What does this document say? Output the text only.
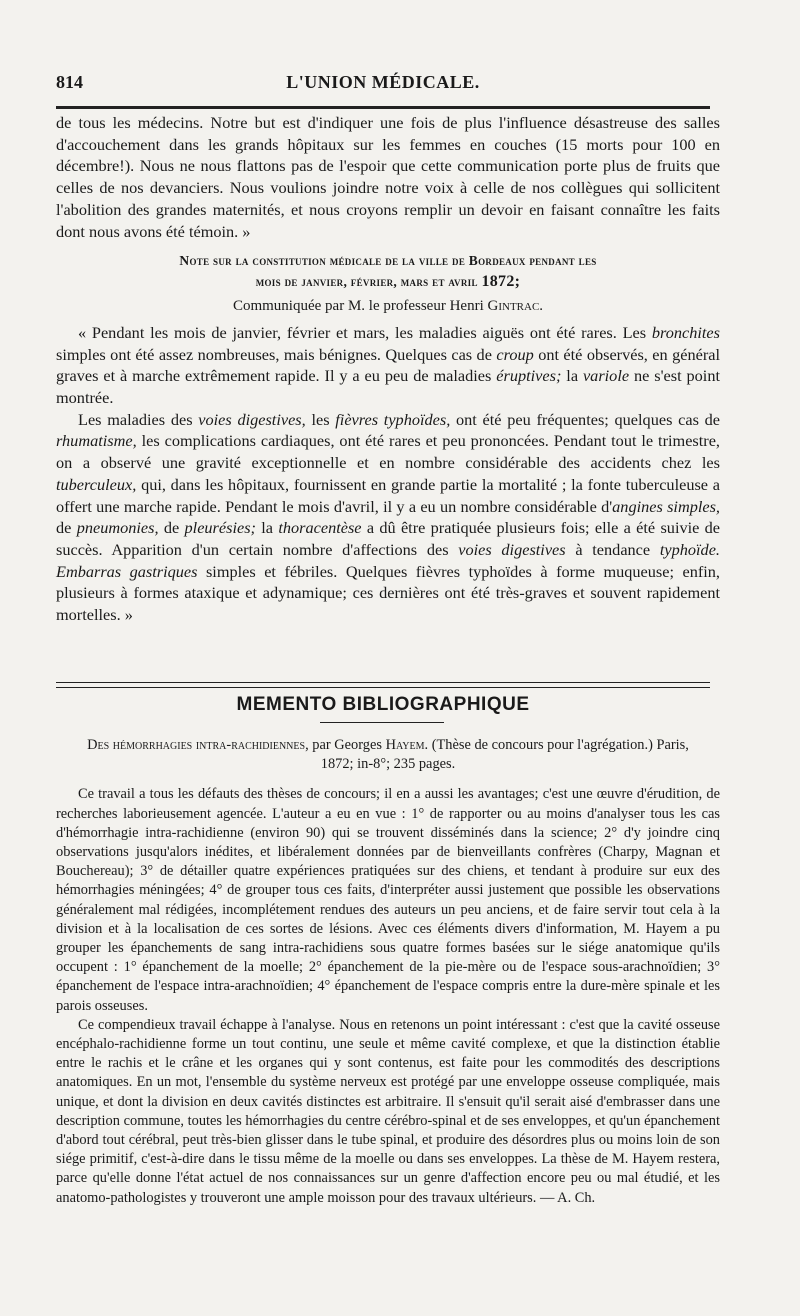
814	L'UNION MÉDICALE.

de tous les médecins. Notre but est d'indiquer une fois de plus l'influence désastreuse des salles d'accouchement dans les grands hôpitaux sur les femmes en couches (15 morts pour 100 en décembre!). Nous ne nous flattons pas de l'espoir que cette communication porte plus de fruits que celles de nos devanciers. Nous voulions joindre notre voix à celle de nos collègues qui sollicitent l'abolition des grandes maternités, et nous croyons remplir un devoir en faisant connaître les faits dont nous avons été témoin. »

Note sur la constitution médicale de la ville de Bordeaux pendant les
mois de janvier, février, mars et avril 1872;

Communiquée par M. le professeur Henri Gintrac.

« Pendant les mois de janvier, février et mars, les maladies aiguës ont été rares. Les bronchites simples ont été assez nombreuses, mais bénignes. Quelques cas de croup ont été observés, en général graves et à marche extrêmement rapide. Il y a eu peu de maladies éruptives; la variole ne s'est point montrée.

Les maladies des voies digestives, les fièvres typhoïdes, ont été peu fréquentes; quelques cas de rhumatisme, les complications cardiaques, ont été rares et peu prononcées. Pendant tout le trimestre, on a observé une gravité exceptionnelle et en nombre considérable des accidents chez les tuberculeux, qui, dans les hôpitaux, fournissent en grande partie la mortalité ; la fonte tuberculeuse a offert une marche rapide. Pendant le mois d'avril, il y a eu un nombre considérable d'angines simples, de pneumonies, de pleurésies; la thoracentèse a dû être pratiquée plusieurs fois; elle a été suivie de succès. Apparition d'un certain nombre d'affections des voies digestives à tendance typhoïde. Embarras gastriques simples et fébriles. Quelques fièvres typhoïdes à forme muqueuse; enfin, plusieurs à formes ataxique et adynamique; ces dernières ont été très-graves et souvent rapidement mortelles. »

MEMENTO BIBLIOGRAPHIQUE

Des hémorrhagies intra-rachidiennes, par Georges Hayem. (Thèse de concours pour l'agrégation.) Paris, 1872; in-8°; 235 pages.

Ce travail a tous les défauts des thèses de concours; il en a aussi les avantages; c'est une œuvre d'érudition, de recherches laborieusement agencée. L'auteur a eu en vue : 1° de rapporter ou au moins d'analyser tous les cas d'hémorrhagie intra-rachidienne (environ 90) qui se trouvent disséminés dans la science; 2° d'y joindre cinq observations jusqu'alors inédites, et libéralement données par de bienveillants confrères (Charpy, Magnan et Bouchereau); 3° de détailler quatre expériences pratiquées sur des chiens, et tendant à produire sur eux des hémorrhagies méningées; 4° de grouper tous ces faits, d'interpréter aussi justement que possible les observations généralement mal rédigées, incomplétement rendues des auteurs un peu anciens, et de faire servir tout cela à la division et à la localisation de ces sortes de lésions. Avec ces éléments divers d'information, M. Hayem a pu grouper les épanchements de sang intra-rachidiens sous quatre formes basées sur le siége anatomique qu'ils occupent : 1° épanchement de la moelle; 2° épanchement de la pie-mère ou de l'espace sous-arachnoïdien; 3° épanchement de l'espace intra-arachnoïdien; 4° épanchement de l'espace compris entre la dure-mère spinale et les parois osseuses.

Ce compendieux travail échappe à l'analyse. Nous en retenons un point intéressant : c'est que la cavité osseuse encéphalo-rachidienne forme un tout continu, une seule et même cavité complexe, et que la distinction établie entre le rachis et le crâne et les organes qui y sont contenus, est faite pour les commodités des descriptions anatomiques. En un mot, l'ensemble du système nerveux est protégé par une enveloppe osseuse compliquée, mais unique, et dont la division en deux cavités distinctes est arbitraire. Il s'ensuit qu'il serait aisé d'embrasser dans une description commune, toutes les hémorrhagies du centre cérébro-spinal et de ses enveloppes, et qu'un épanchement d'abord tout cérébral, peut très-bien glisser dans le tube spinal, et produire des désordres plus ou moins loin de son siége primitif, c'est-à-dire dans le tissu même de la moelle ou dans ses enveloppes. La thèse de M. Hayem restera, parce qu'elle donne l'état actuel de nos connaissances sur un genre d'affection encore peu ou mal étudié, et les anatomo-pathologistes y trouveront une ample moisson pour des travaux ultérieurs. — A. Ch.
